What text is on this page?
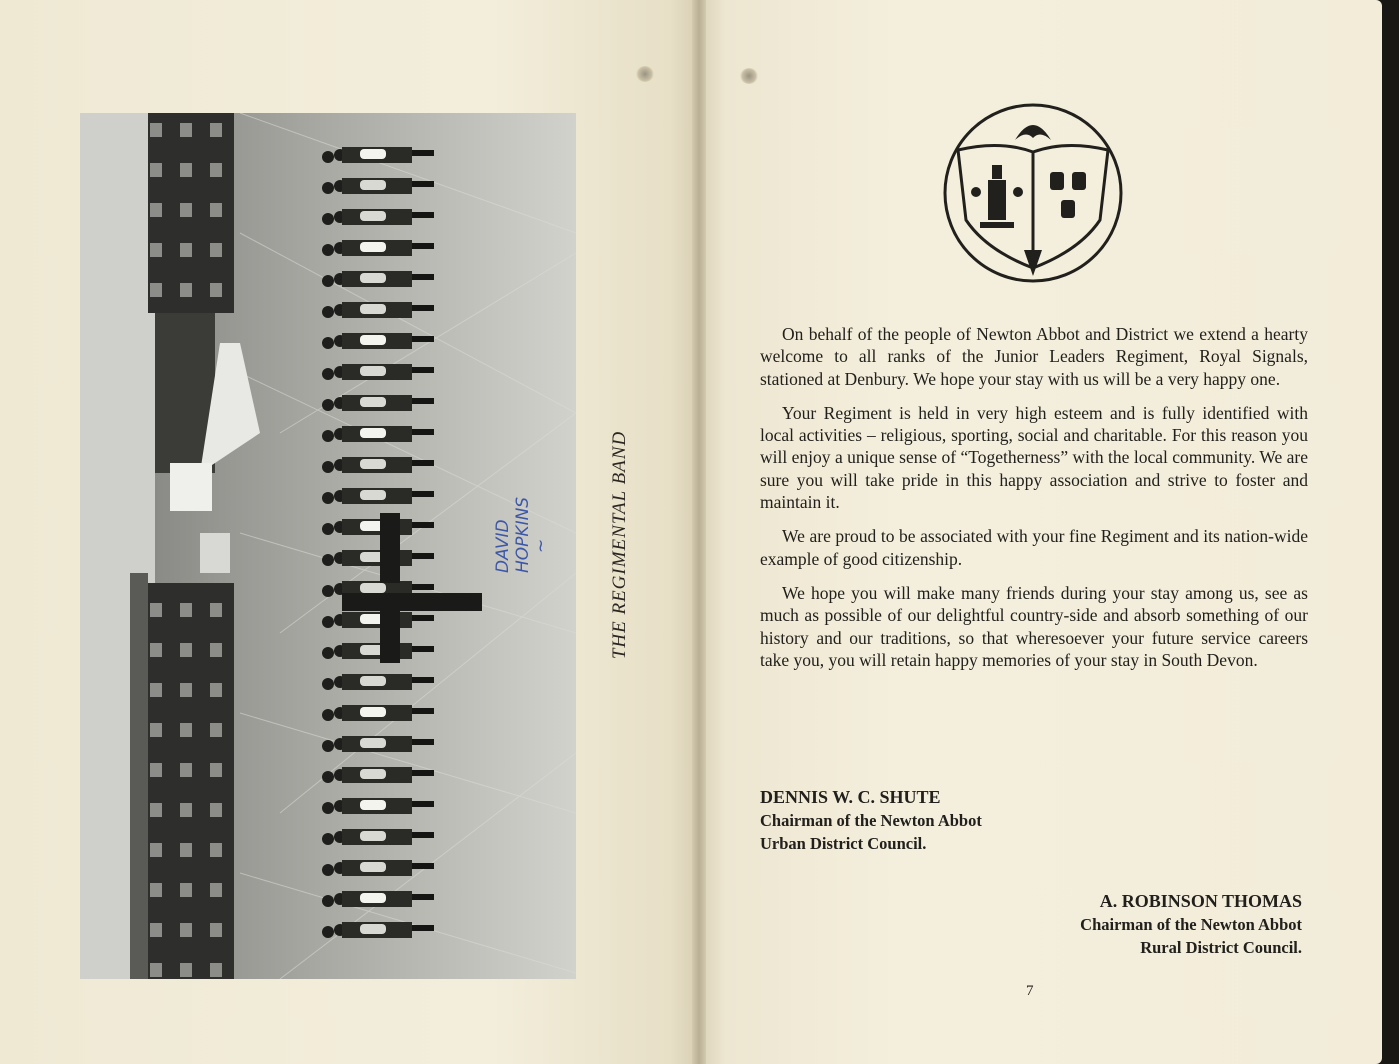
DAVID HOPKINS
~	THE REGIMENTAL BAND

On behalf of the people of Newton Abbot and District we extend a hearty welcome to all ranks of the Junior Leaders Regiment, Royal Signals, stationed at Denbury. We hope your stay with us will be a very happy one.

Your Regiment is held in very high esteem and is fully identified with local activities – religious, sporting, social and charitable. For this reason you will enjoy a unique sense of “Togetherness” with the local community. We are sure you will take pride in this happy association and strive to foster and maintain it.

We are proud to be associated with your fine Regiment and its nation-wide example of good citizenship.

We hope you will make many friends during your stay among us, see as much as possible of our delightful country-side and absorb something of our history and our traditions, so that wheresoever your future service careers take you, you will retain happy memories of your stay in South Devon.

DENNIS W. C. SHUTE

Chairman of the Newton Abbot

Urban District Council.

A. ROBINSON THOMAS

Chairman of the Newton Abbot

Rural District Council.

7
